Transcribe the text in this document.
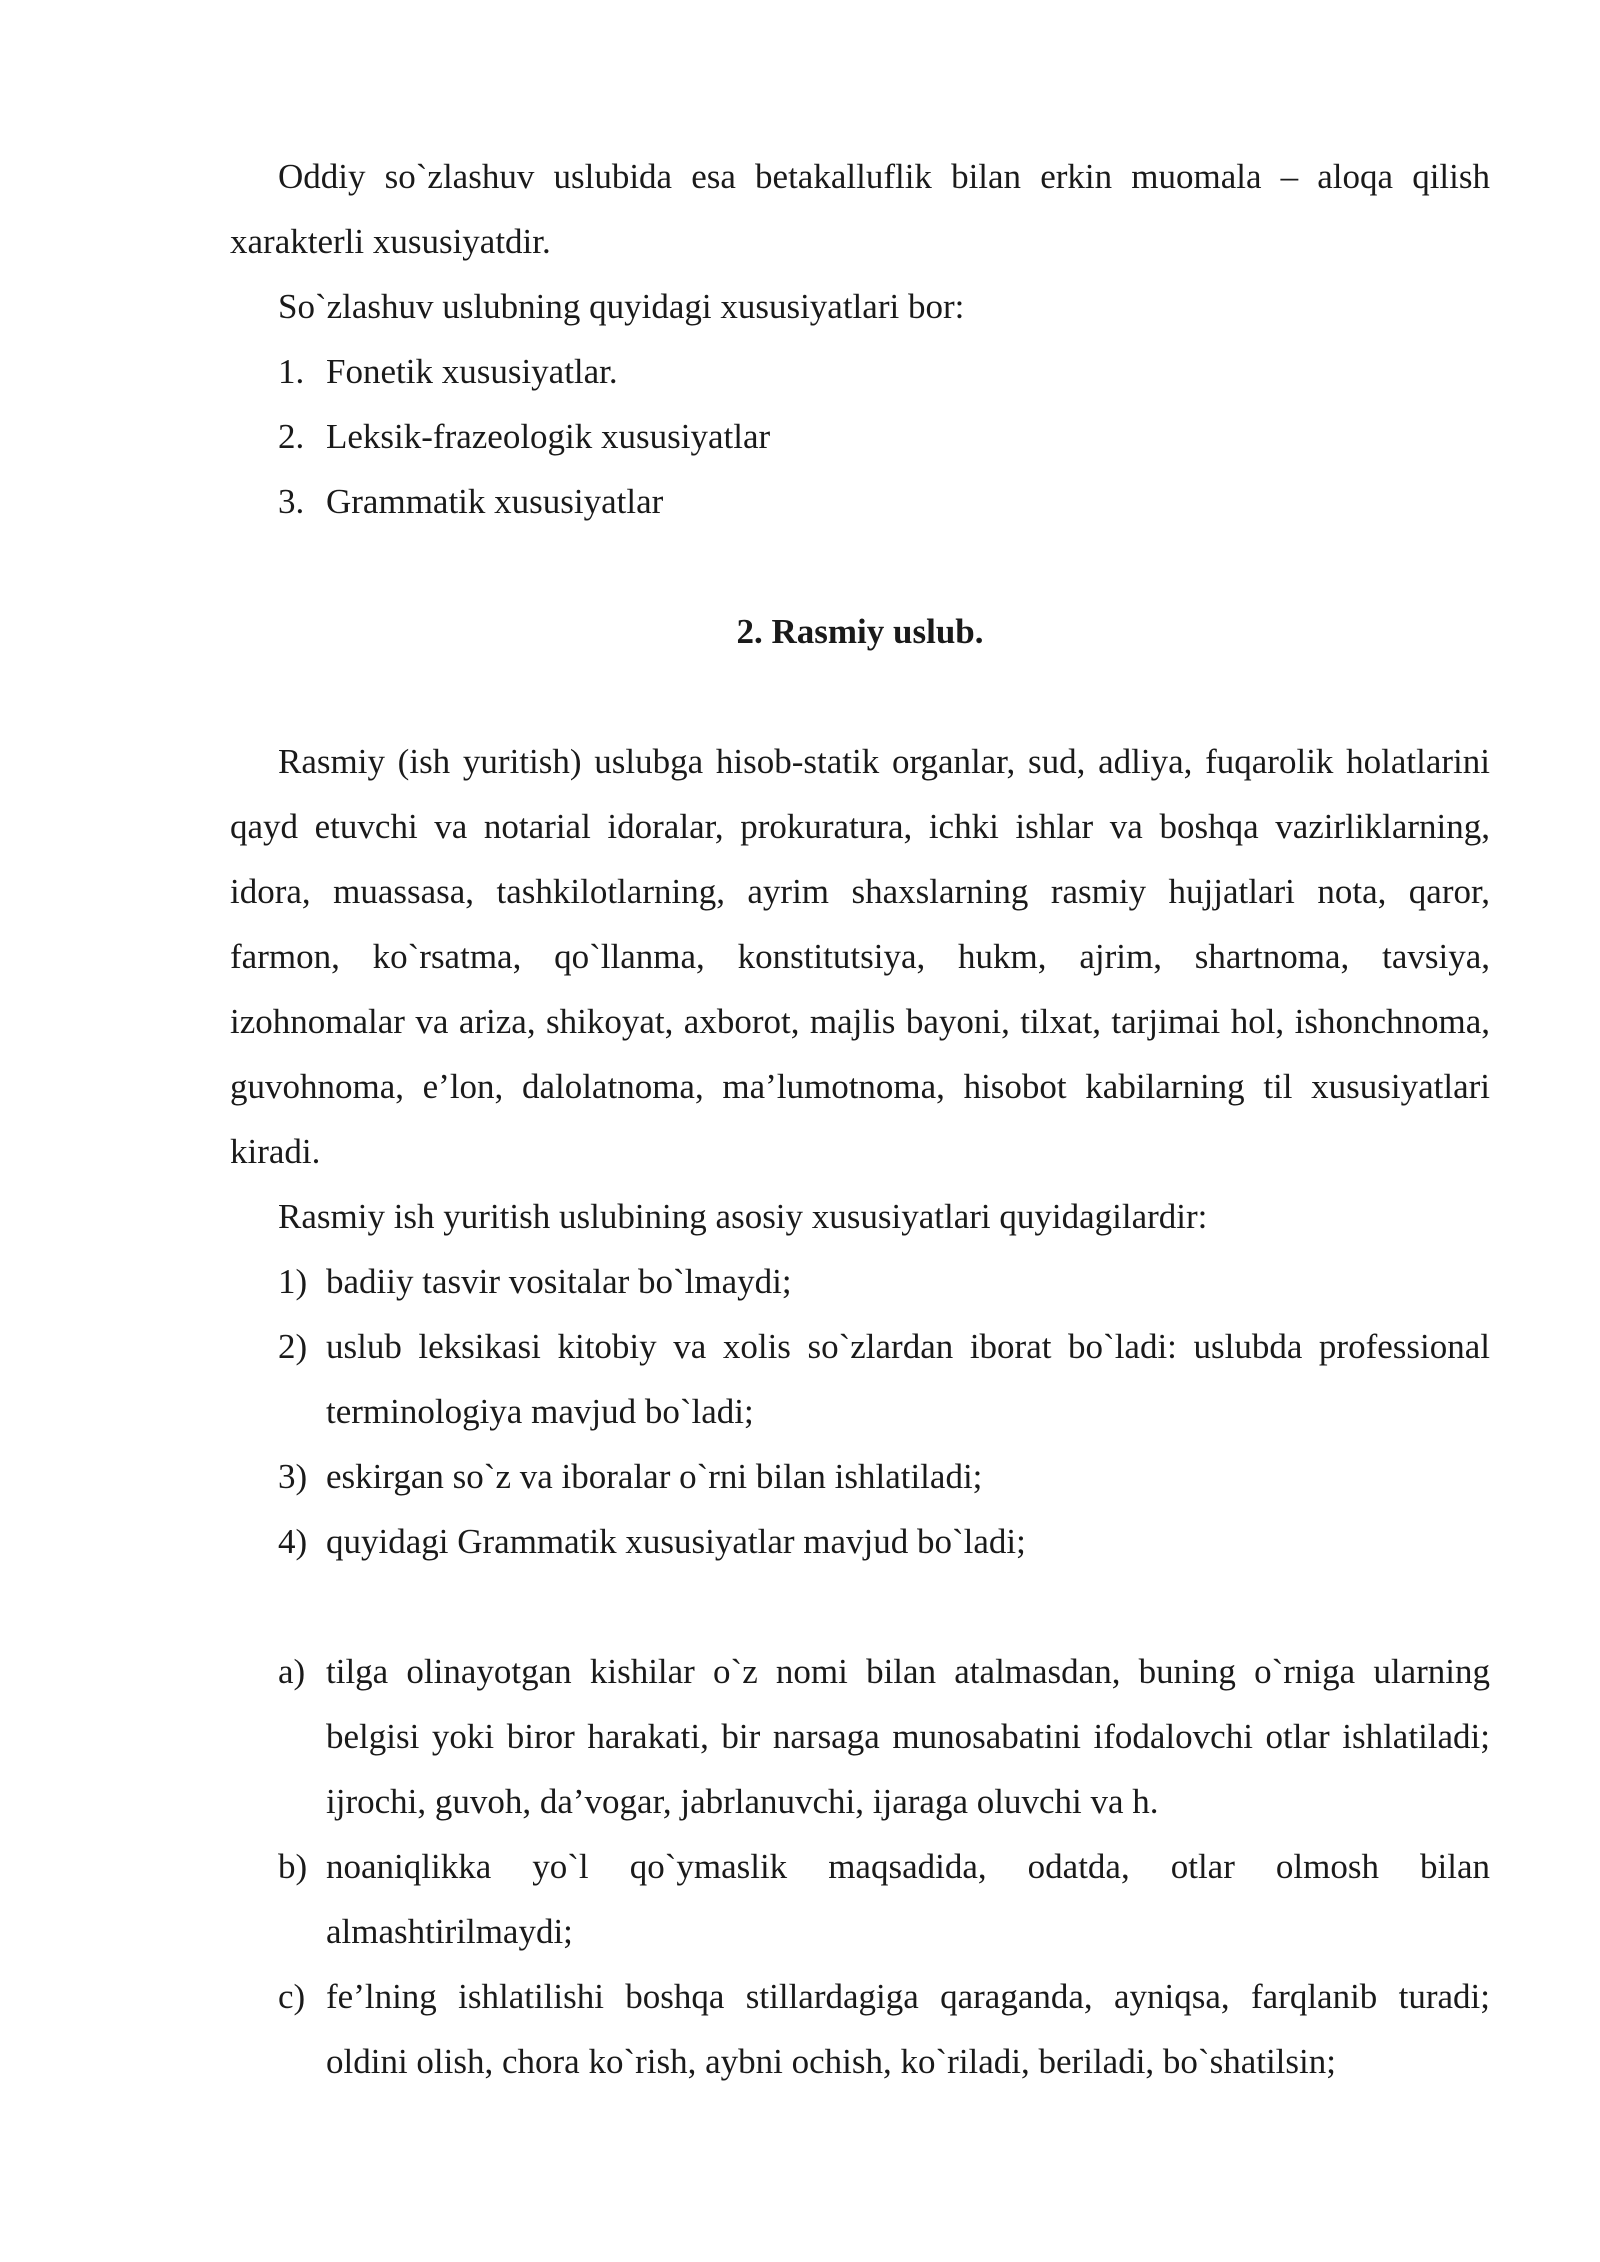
Oddiy so`zlashuv uslubida esa betakalluflik bilan erkin muomala – aloqa qilish xarakterli xususiyatdir.

So`zlashuv uslubning quyidagi xususiyatlari bor:

1. Fonetik xususiyatlar.
2. Leksik-frazeologik xususiyatlar
3. Grammatik xususiyatlar

2. Rasmiy uslub.

Rasmiy (ish yuritish) uslubga hisob-statik organlar, sud, adliya, fuqarolik holatlarini qayd etuvchi va notarial idoralar, prokuratura, ichki ishlar va boshqa vazirliklarning, idora, muassasa, tashkilotlarning, ayrim shaxslarning rasmiy hujjatlari nota, qaror, farmon, ko`rsatma, qo`llanma, konstitutsiya, hukm, ajrim, shartnoma, tavsiya, izohnomalar va ariza, shikoyat, axborot, majlis bayoni, tilxat, tarjimai hol, ishonchnoma, guvohnoma, e’lon, dalolatnoma, ma’lumotnoma, hisobot kabilarning til xususiyatlari kiradi.

Rasmiy ish yuritish uslubining asosiy xususiyatlari quyidagilardir:

1) badiiy tasvir vositalar bo`lmaydi;
2) uslub leksikasi kitobiy va xolis so`zlardan iborat bo`ladi: uslubda professional terminologiya mavjud bo`ladi;
3) eskirgan so`z va iboralar o`rni bilan ishlatiladi;
4) quyidagi Grammatik xususiyatlar mavjud bo`ladi;
a) tilga olinayotgan kishilar o`z nomi bilan atalmasdan, buning o`rniga ularning belgisi yoki biror harakati, bir narsaga munosabatini ifodalovchi otlar ishlatiladi; ijrochi, guvoh, da’vogar, jabrlanuvchi, ijaraga oluvchi va h.
b) noaniqlikka yo`l qo`ymaslik maqsadida, odatda, otlar olmosh bilan almashtirilmaydi;
c) fe’lning ishlatilishi boshqa stillardagiga qaraganda, ayniqsa, farqlanib turadi; oldini olish, chora ko`rish, aybni ochish, ko`riladi, beriladi, bo`shatilsin;
